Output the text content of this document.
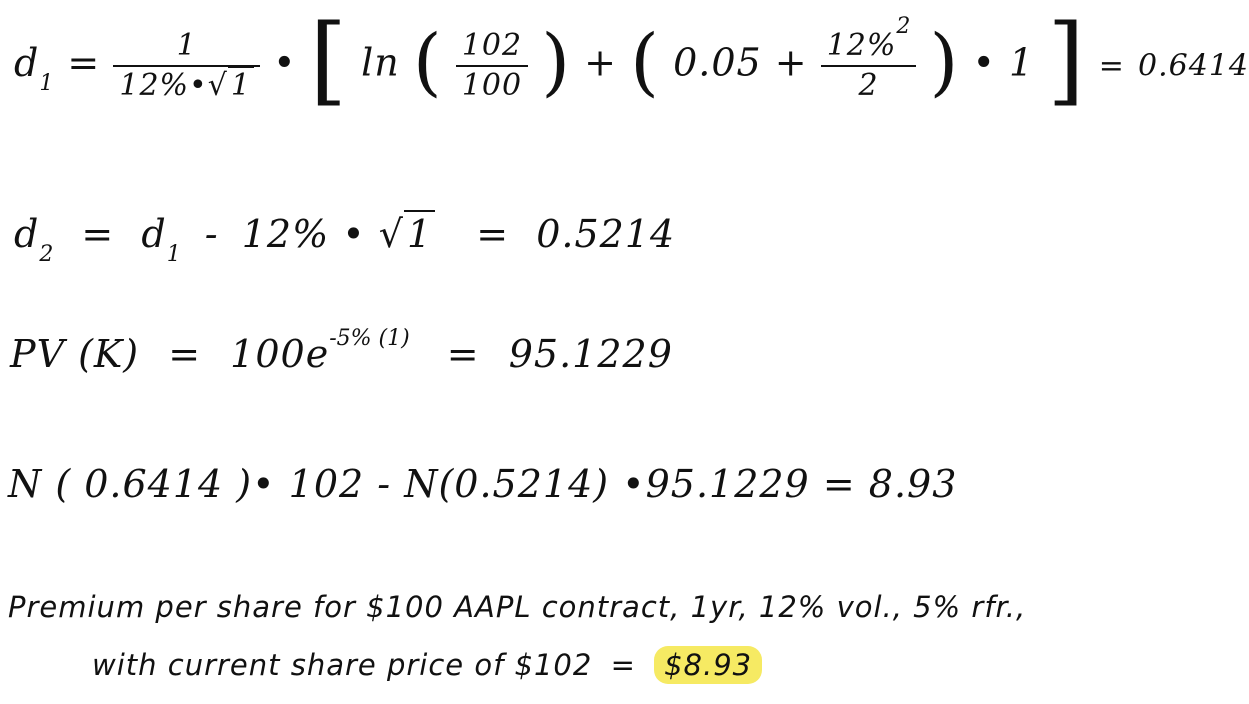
$d_1 = \frac{1}{12\%•√ 1}$ • [ ln ( $\frac{102}{100}$ ) + ( $0.05 + \frac{12\%^2}{2}$ ) • 1 ] = 0.6414
$d_2 = d_1 - 12\%$ • √1 = 0.5214
PV $(K) = 100e^{-5\% (1)} = 95.1229$
N ( 0.6414 )• 102 - N(0.5214) •95.1229 = 8.93
Premium per share for $100 AAPL contract, 1yr, 12% vol., 5% rfr.,
with current share price of $102 = $8.93
